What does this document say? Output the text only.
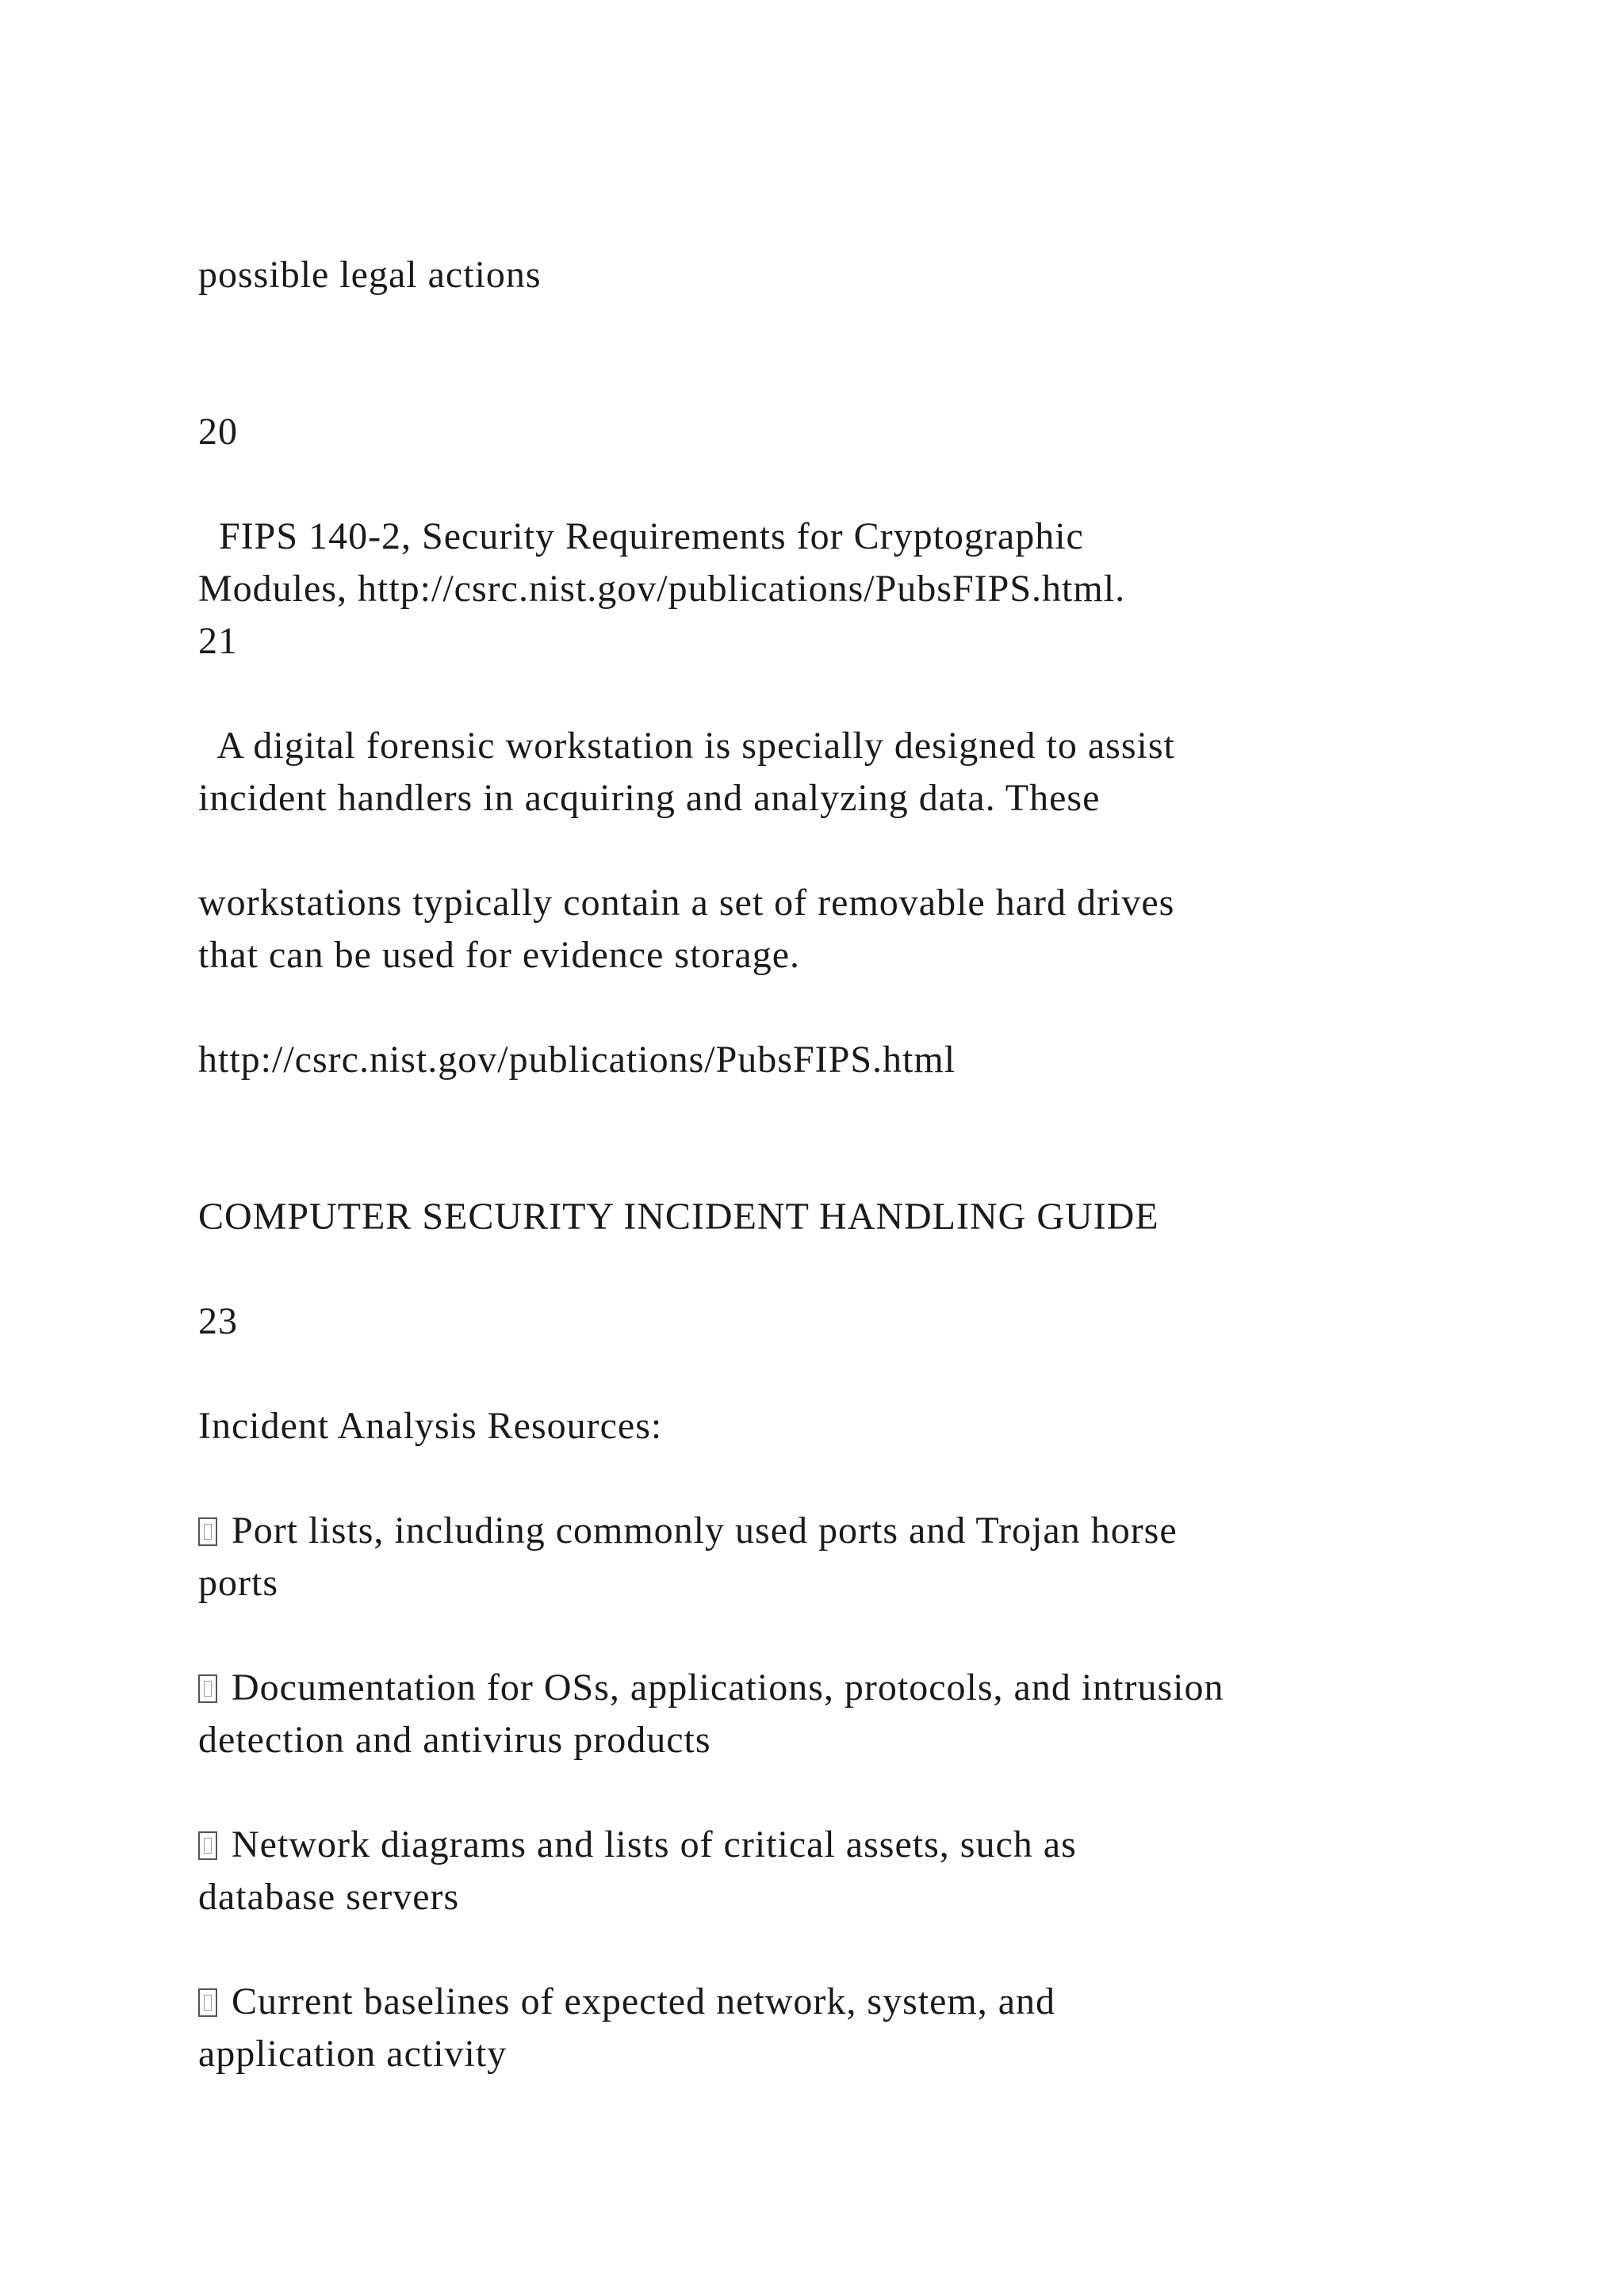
possible legal actions

20

FIPS 140-2, Security Requirements for Cryptographic

Modules, http://csrc.nist.gov/publications/PubsFIPS.html.

21

A digital forensic workstation is specially designed to assist

incident handlers in acquiring and analyzing data. These

workstations typically contain a set of removable hard drives

that can be used for evidence storage.

http://csrc.nist.gov/publications/PubsFIPS.html

COMPUTER SECURITY INCIDENT HANDLING GUIDE

23

Incident Analysis Resources:

Port lists, including commonly used ports and Trojan horse

ports

Documentation for OSs, applications, protocols, and intrusion

detection and antivirus products

Network diagrams and lists of critical assets, such as

database servers

Current baselines of expected network, system, and

application activity
